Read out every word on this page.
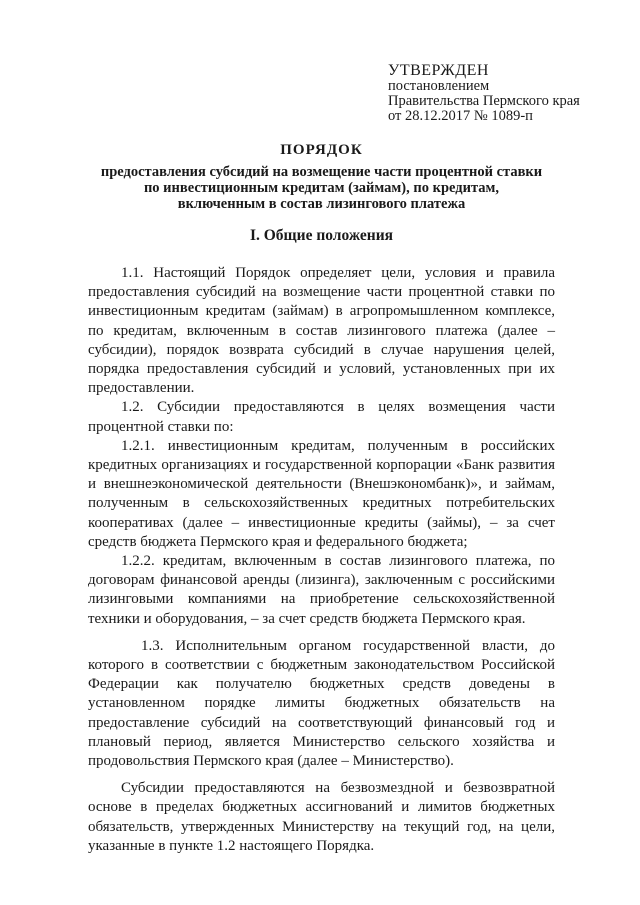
УТВЕРЖДЕН
постановлением
Правительства Пермского края
от 28.12.2017 № 1089-п
ПОРЯДОК
предоставления субсидий на возмещение части процентной ставки
по инвестиционным кредитам (займам), по кредитам,
включенным в состав лизингового платежа
I. Общие положения

1.1. Настоящий Порядок определяет цели, условия и правила предоставления субсидий на возмещение части процентной ставки по инвестиционным кредитам (займам) в агропромышленном комплексе, по кредитам, включенным в состав лизингового платежа (далее – субсидии), порядок возврата субсидий в случае нарушения целей, порядка предоставления субсидий и условий, установленных при их предоставлении.

1.2. Субсидии предоставляются в целях возмещения части процентной ставки по:

1.2.1. инвестиционным кредитам, полученным в российских кредитных организациях и государственной корпорации «Банк развития и внешнеэкономической деятельности (Внешэкономбанк)», и займам, полученным в сельскохозяйственных кредитных потребительских кооперативах (далее – инвестиционные кредиты (займы), – за счет средств бюджета Пермского края и федерального бюджета;

1.2.2. кредитам, включенным в состав лизингового платежа, по договорам финансовой аренды (лизинга), заключенным с российскими лизинговыми компаниями на приобретение сельскохозяйственной техники и оборудования, – за счет средств бюджета Пермского края.

1.3. Исполнительным органом государственной власти, до которого в соответствии с бюджетным законодательством Российской Федерации как получателю бюджетных средств доведены в установленном порядке лимиты бюджетных обязательств на предоставление субсидий на соответствующий финансовый год и плановый период, является Министерство сельского хозяйства и продовольствия Пермского края (далее – Министерство).

Субсидии предоставляются на безвозмездной и безвозвратной основе в пределах бюджетных ассигнований и лимитов бюджетных обязательств, утвержденных Министерству на текущий год, на цели, указанные в пункте 1.2 настоящего Порядка.
